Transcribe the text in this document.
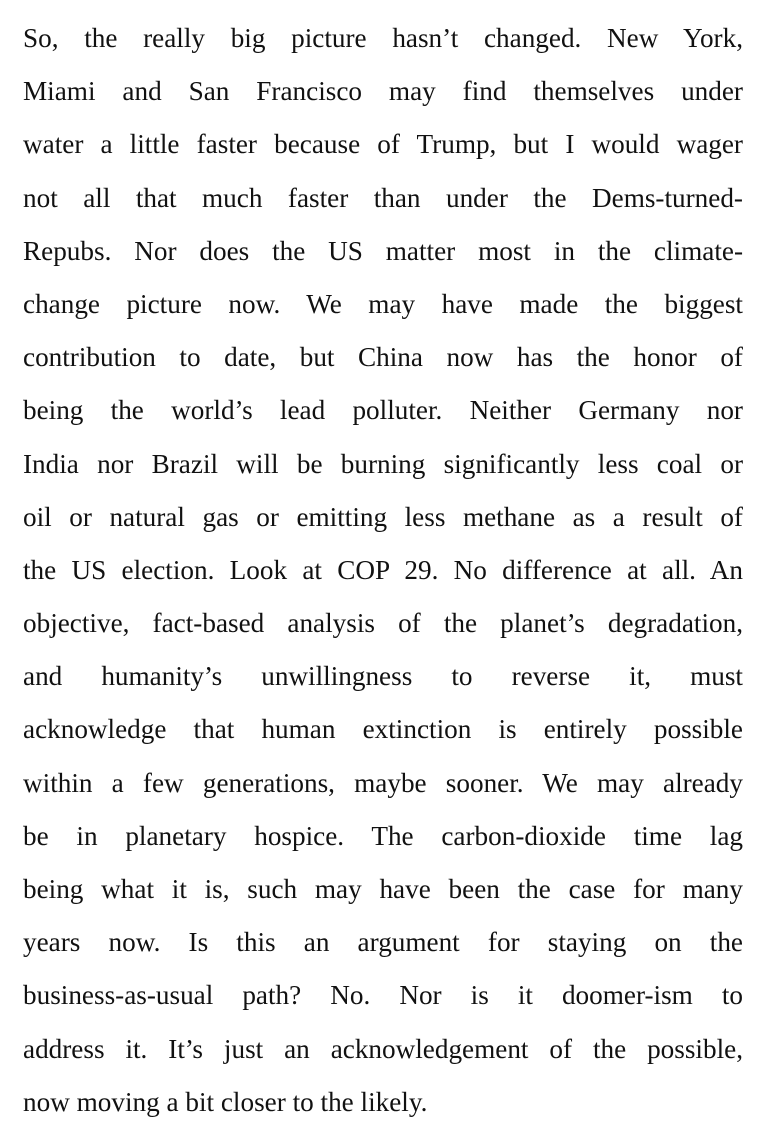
So, the really big picture hasn’t changed. New York,
Miami and San Francisco may find themselves under
water a little faster because of Trump, but I would wager
not all that much faster than under the Dems-turned-
Repubs. Nor does the US matter most in the climate-
change picture now. We may have made the biggest
contribution to date, but China now has the honor of
being the world’s lead polluter. Neither Germany nor
India nor Brazil will be burning significantly less coal or
oil or natural gas or emitting less methane as a result of
the US election. Look at COP 29. No difference at all. An
objective, fact-based analysis of the planet’s degradation,
and humanity’s unwillingness to reverse it, must
acknowledge that human extinction is entirely possible
within a few generations, maybe sooner. We may already
be in planetary hospice. The carbon-dioxide time lag
being what it is, such may have been the case for many
years now. Is this an argument for staying on the
business-as-usual path? No. Nor is it doomer-ism to
address it. It’s just an acknowledgement of the possible,
now moving a bit closer to the likely.
